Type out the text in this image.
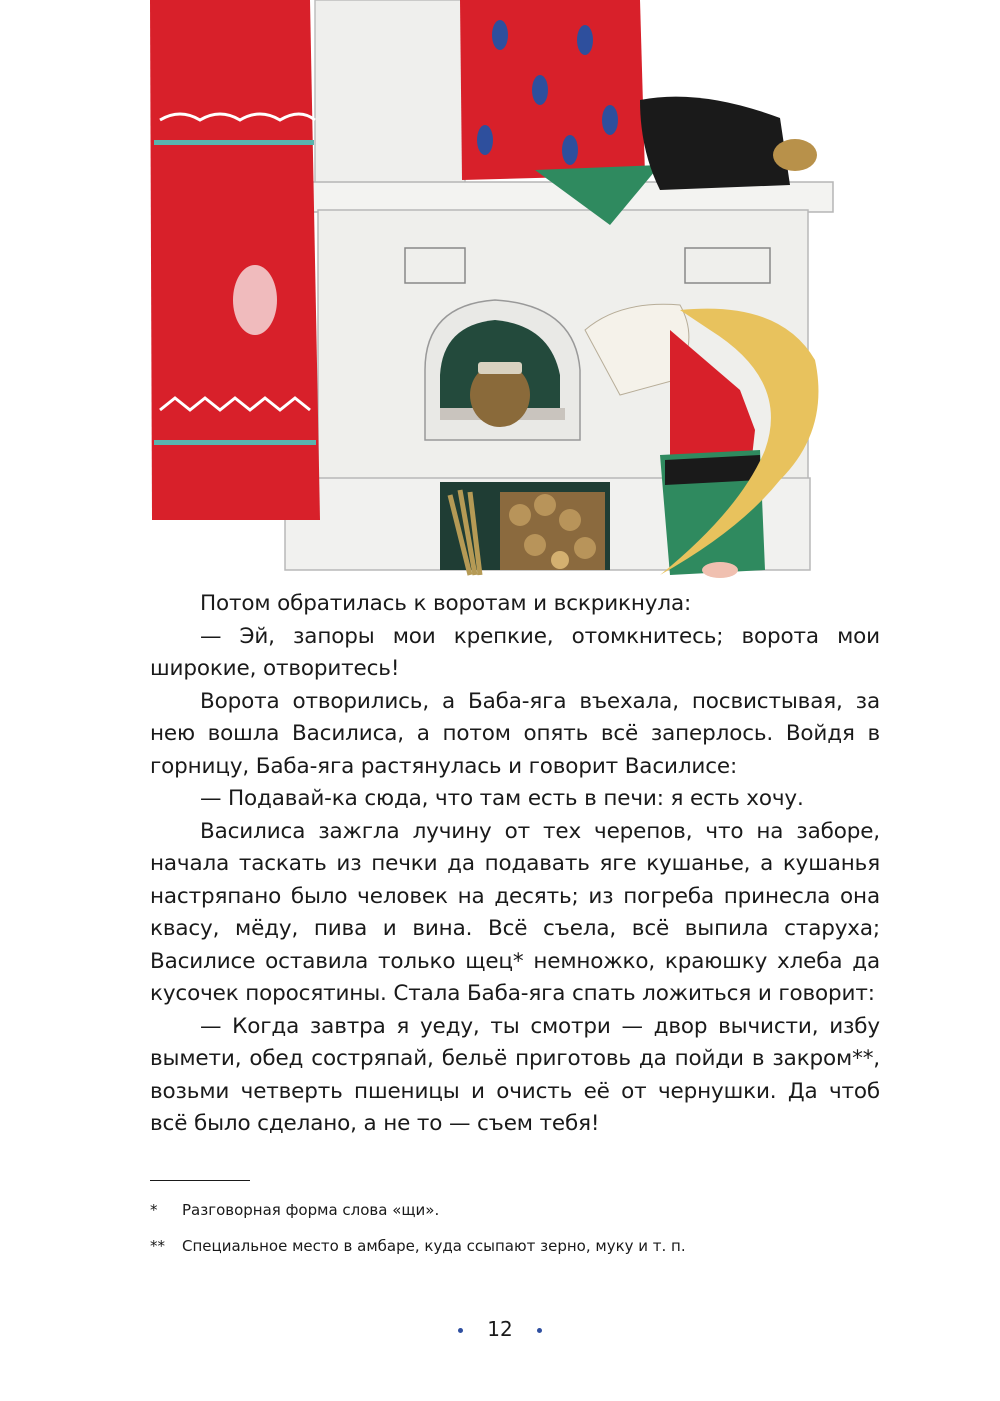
Потом обратилась к воротам и вскрикнула:

— Эй, запоры мои крепкие, отомкнитесь; ворота мои широкие, отворитесь!

Ворота отворились, а Баба-яга въехала, посвистывая, за нею вошла Василиса, а потом опять всё заперлось. Войдя в горницу, Баба-яга растянулась и говорит Василисе:

— Подавай-ка сюда, что там есть в печи: я есть хочу.

Василиса зажгла лучину от тех черепов, что на заборе, начала таскать из печки да подавать яге кушанье, а кушанья настряпано было человек на десять; из погреба принесла она квасу, мёду, пива и вина. Всё съела, всё выпила старуха; Василисе оставила только щец* немножко, краюшку хлеба да кусочек поросятины. Стала Баба-яга спать ложиться и говорит:

— Когда завтра я уеду, ты смотри — двор вычисти, избу вымети, обед состряпай, бельё приготовь да пойди в закром**, возьми четверть пшеницы и очисть её от чернушки. Да чтоб всё было сделано, а не то — съем тебя!

* Разговорная форма слова «щи».
** Специальное место в амбаре, куда ссыпают зерно, муку и т. п.
12
